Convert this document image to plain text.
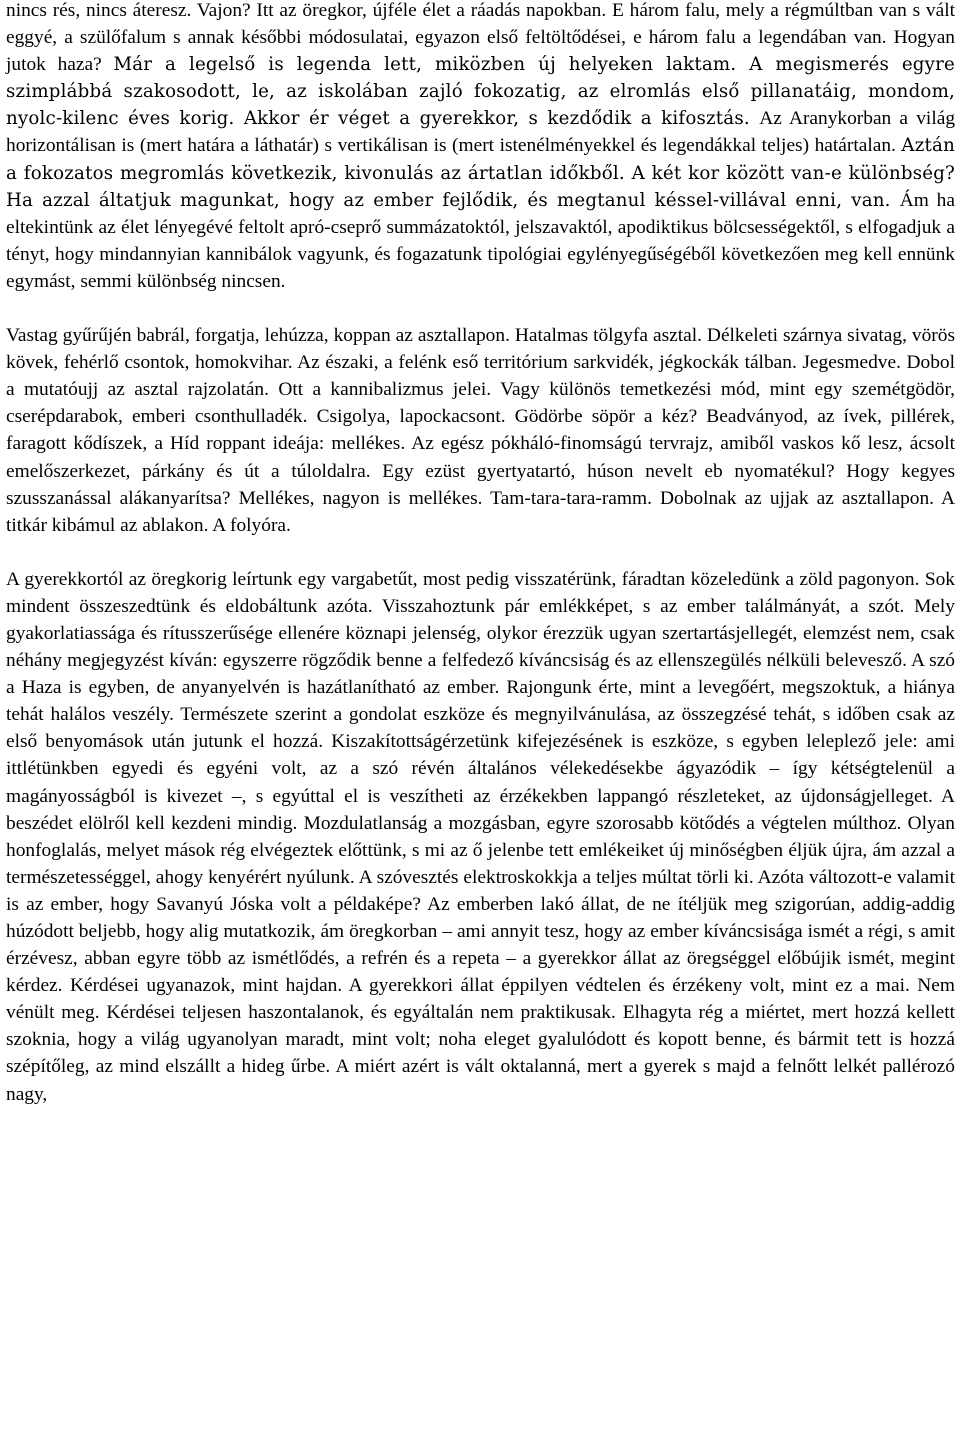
nincs rés, nincs áteresz. Vajon? Itt az öregkor, újféle élet a ráadás napokban. E három falu, mely a régmúltban van s vált eggyé, a szülőfalum s annak későbbi módosulatai, egyazon első feltöltődései, e három falu a legendában van. Hogyan jutok haza? Már a legelső is legenda lett, miközben új helyeken laktam. A megismerés egyre szimplábbá szakosodott, le, az iskolában zajló fokozatig, az elromlás első pillanatáig, mondom, nyolc-kilenc éves korig. Akkor ér véget a gyerekkor, s kezdődik a kifosztás. Az Aranykorban a világ horizontálisan is (mert határa a láthatár) s vertikálisan is (mert istenélményekkel és legendákkal teljes) határtalan. Aztán a fokozatos megromlás következik, kivonulás az ártatlan időkből. A két kor között van-e különbség? Ha azzal áltatjuk magunkat, hogy az ember fejlődik, és megtanul késsel-villával enni, van. Ám ha eltekintünk az élet lényegévé feltolt apró-cseprő summázatoktól, jelszavaktól, apodiktikus bölcsességektől, s elfogadjuk a tényt, hogy mindannyian kannibálok vagyunk, és fogazatunk tipológiai egylényegűségéből következően meg kell ennünk egymást, semmi különbség nincsen.

Vastag gyűrűjén babrál, forgatja, lehúzza, koppan az asztallapon. Hatalmas tölgyfa asztal. Délkeleti szárnya sivatag, vörös kövek, fehérlő csontok, homokvihar. Az északi, a felénk eső territórium sarkvidék, jégkockák tálban. Jegesmedve. Dobol a mutatóujj az asztal rajzolatán. Ott a kannibalizmus jelei. Vagy különös temetkezési mód, mint egy szemétgödör, cserépdarabok, emberi csonthulladék. Csigolya, lapockacsont. Gödörbe söpör a kéz? Beadványod, az ívek, pillérek, faragott kődíszek, a Híd roppant ideája: mellékes. Az egész pókháló-finomságú tervrajz, amiből vaskos kő lesz, ácsolt emelőszerkezet, párkány és út a túloldalra. Egy ezüst gyertyatartó, húson nevelt eb nyomatékul? Hogy kegyes szusszanással alákanyarítsa? Mellékes, nagyon is mellékes. Tam-tara-tara-ramm. Dobolnak az ujjak az asztallapon. A titkár kibámul az ablakon. A folyóra.

A gyerekkortól az öregkorig leírtunk egy vargabetűt, most pedig visszatérünk, fáradtan közeledünk a zöld pagonyon. Sok mindent összeszedtünk és eldobáltunk azóta. Visszahoztunk pár emlékképet, s az ember találmányát, a szót. Mely gyakorlatiassága és rítusszerűsége ellenére köznapi jelenség, olykor érezzük ugyan szertartásjellegét, elemzést nem, csak néhány megjegyzést kíván: egyszerre rögződik benne a felfedező kíváncsiság és az ellenszegülés nélküli belevesző. A szó a Haza is egyben, de anyanyelvén is hazátlanítható az ember. Rajongunk érte, mint a levegőért, megszoktuk, a hiánya tehát halálos veszély. Természete szerint a gondolat eszköze és megnyilvánulása, az összegzésé tehát, s időben csak az első benyomások után jutunk el hozzá. Kiszakítottságérzetünk kifejezésének is eszköze, s egyben leleplező jele: ami ittlétünkben egyedi és egyéni volt, az a szó révén általános vélekedésekbe ágyazódik – így kétségtelenül a magányosságból is kivezet –, s egyúttal el is veszítheti az érzékekben lappangó részleteket, az újdonságjelleget. A beszédet elölről kell kezdeni mindig. Mozdulatlanság a mozgásban, egyre szorosabb kötődés a végtelen múlthoz. Olyan honfoglalás, melyet mások rég elvégeztek előttünk, s mi az ő jelenbe tett emlékeiket új minőségben éljük újra, ám azzal a természetességgel, ahogy kenyérért nyúlunk. A szóvesztés elektroskokkja a teljes múltat törli ki. Azóta változott-e valamit is az ember, hogy Savanyú Jóska volt a példaképe? Az emberben lakó állat, de ne ítéljük meg szigorúan, addig-addig húzódott beljebb, hogy alig mutatkozik, ám öregkorban – ami annyit tesz, hogy az ember kíváncsisága ismét a régi, s amit érzévesz, abban egyre több az ismétlődés, a refrén és a repeta – a gyerekkor állat az öregséggel előbújik ismét, megint kérdez. Kérdései ugyanazok, mint hajdan. A gyerekkori állat éppilyen védtelen és érzékeny volt, mint ez a mai. Nem vénült meg. Kérdései teljesen haszontalanok, és egyáltalán nem praktikusak. Elhagyta rég a miértet, mert hozzá kellett szoknia, hogy a világ ugyanolyan maradt, mint volt; noha eleget gyalulódott és kopott benne, és bármit tett is hozzá szépítőleg, az mind elszállt a hideg űrbe. A miért azért is vált oktalanná, mert a gyerek s majd a felnőtt lelkét pallérozó nagy,
